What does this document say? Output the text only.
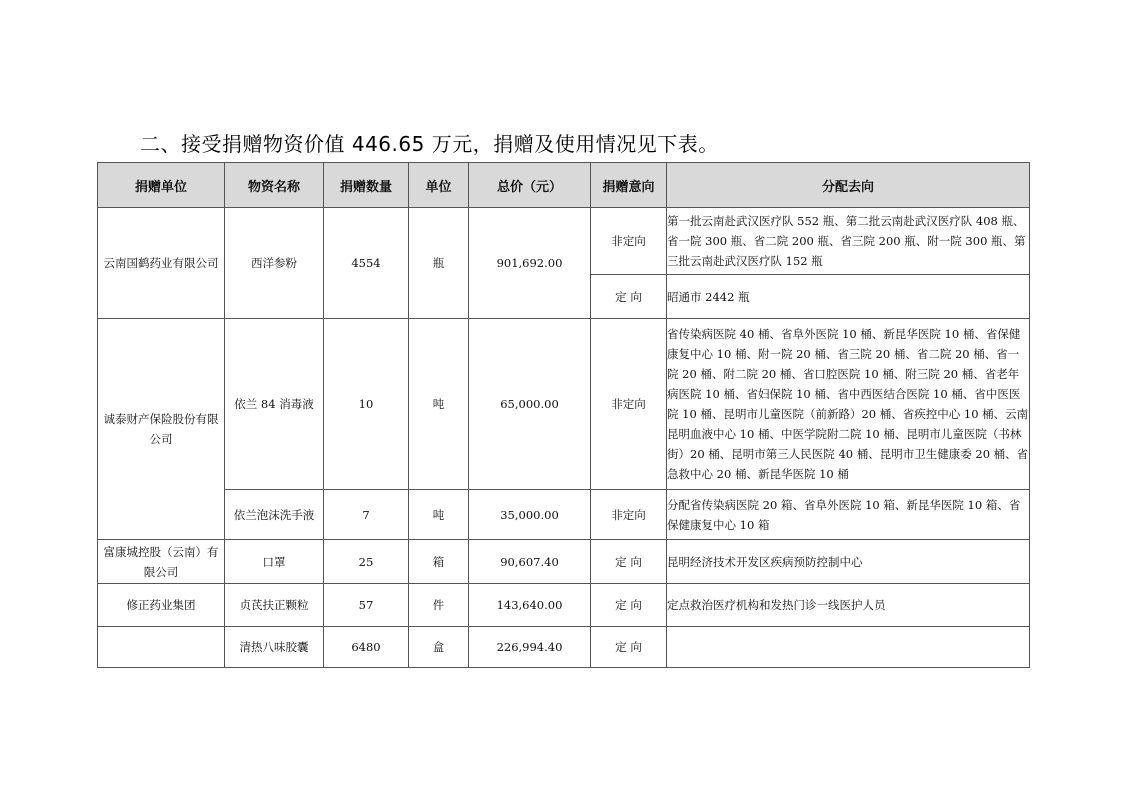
二、接受捐赠物资价值 446.65 万元，捐赠及使用情况见下表。
捐赠单位	物资名称	捐赠数量	单位	总价（元）	捐赠意向	分配去向
云南国鹤药业有限公司	西洋参粉	4554	瓶	901,692.00	非定向	第一批云南赴武汉医疗队 552 瓶、第二批云南赴武汉医疗队 408 瓶、省一院 300 瓶、省二院 200 瓶、省三院 200 瓶、附一院 300 瓶、第三批云南赴武汉医疗队 152 瓶
					定 向	昭通市 2442 瓶
诚泰财产保险股份有限公司	依兰 84 消毒液	10	吨	65,000.00	非定向	省传染病医院 40 桶、省阜外医院 10 桶、新昆华医院 10 桶、省保健康复中心 10 桶、附一院 20 桶、省三院 20 桶、省二院 20 桶、省一院 20 桶、附二院 20 桶、省口腔医院 10 桶、附三院 20 桶、省老年病医院 10 桶、省妇保院 10 桶、省中西医结合医院 10 桶、省中医医院 10 桶、昆明市儿童医院（前新路）20 桶、省疾控中心 10 桶、云南昆明血液中心 10 桶、中医学院附二院 10 桶、昆明市儿童医院（书林街）20 桶、昆明市第三人民医院 40 桶、昆明市卫生健康委 20 桶、省急救中心 20 桶、新昆华医院 10 桶
	依兰泡沫洗手液	7	吨	35,000.00	非定向	分配省传染病医院 20 箱、省阜外医院 10 箱、新昆华医院 10 箱、省保健康复中心 10 箱
富康城控股（云南）有限公司	口罩	25	箱	90,607.40	定 向	昆明经济技术开发区疾病预防控制中心
修正药业集团	贞芪扶正颗粒	57	件	143,640.00	定 向	定点救治医疗机构和发热门诊一线医护人员
	清热八味胶囊	6480	盒	226,994.40	定 向	
